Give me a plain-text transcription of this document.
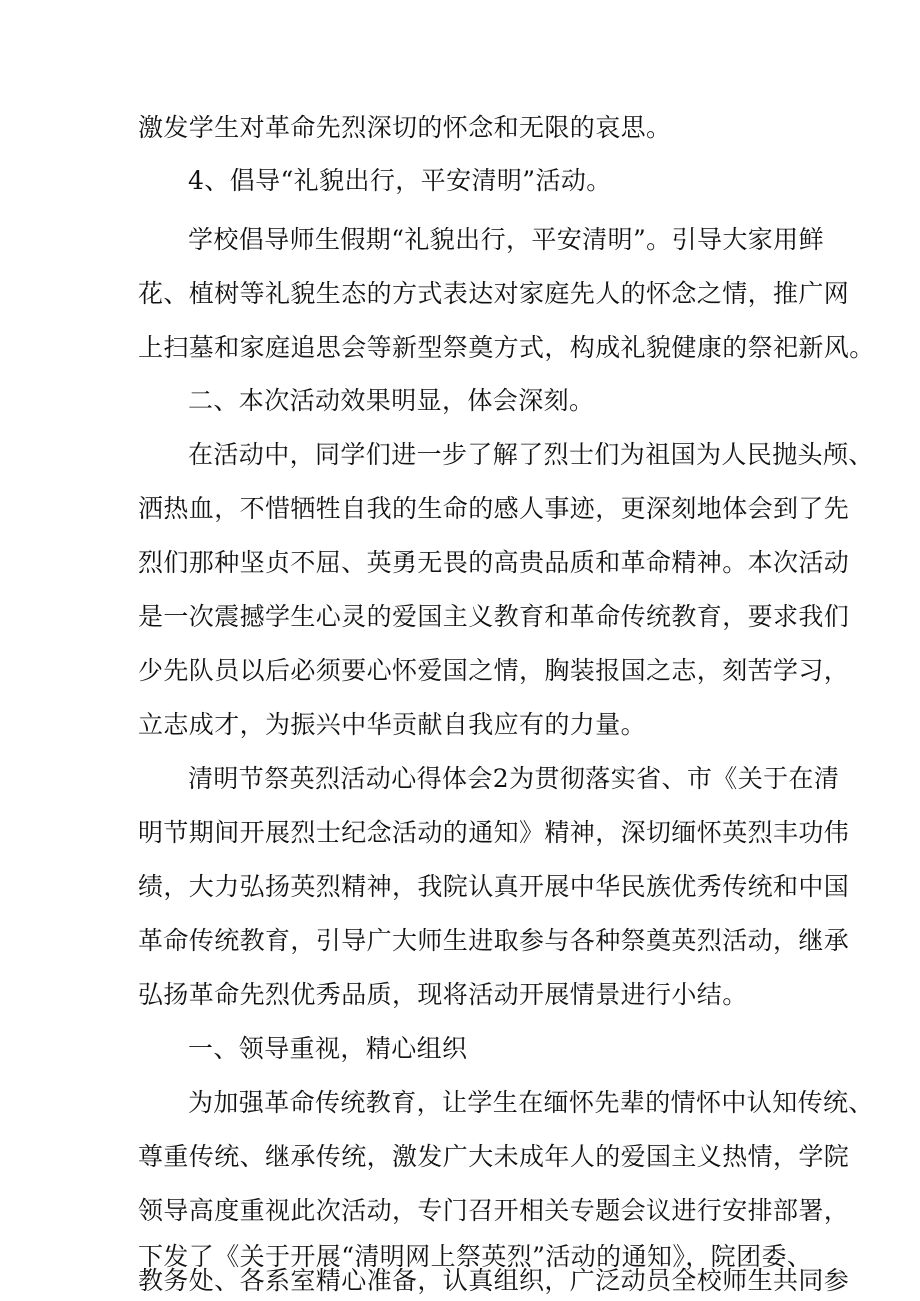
激发学生对革命先烈深切的怀念和无限的哀思。
4、倡导“礼貌出行，平安清明”活动。
学校倡导师生假期“礼貌出行，平安清明”。引导大家用鲜
花、植树等礼貌生态的方式表达对家庭先人的怀念之情，推广网
上扫墓和家庭追思会等新型祭奠方式，构成礼貌健康的祭祀新风。
二、本次活动效果明显，体会深刻。
在活动中，同学们进一步了解了烈士们为祖国为人民抛头颅、
洒热血，不惜牺牲自我的生命的感人事迹，更深刻地体会到了先
烈们那种坚贞不屈、英勇无畏的高贵品质和革命精神。本次活动
是一次震撼学生心灵的爱国主义教育和革命传统教育，要求我们
少先队员以后必须要心怀爱国之情，胸装报国之志，刻苦学习，
立志成才，为振兴中华贡献自我应有的力量。
清明节祭英烈活动心得体会2为贯彻落实省、市《关于在清
明节期间开展烈士纪念活动的通知》精神，深切缅怀英烈丰功伟
绩，大力弘扬英烈精神，我院认真开展中华民族优秀传统和中国
革命传统教育，引导广大师生进取参与各种祭奠英烈活动，继承
弘扬革命先烈优秀品质，现将活动开展情景进行小结。
一、领导重视，精心组织
为加强革命传统教育，让学生在缅怀先辈的情怀中认知传统、
尊重传统、继承传统，激发广大未成年人的爱国主义热情，学院
领导高度重视此次活动，专门召开相关专题会议进行安排部署，
下发了《关于开展“清明网上祭英烈”活动的通知》，院团委、
教务处、各系室精心准备，认真组织，广泛动员全校师生共同参
